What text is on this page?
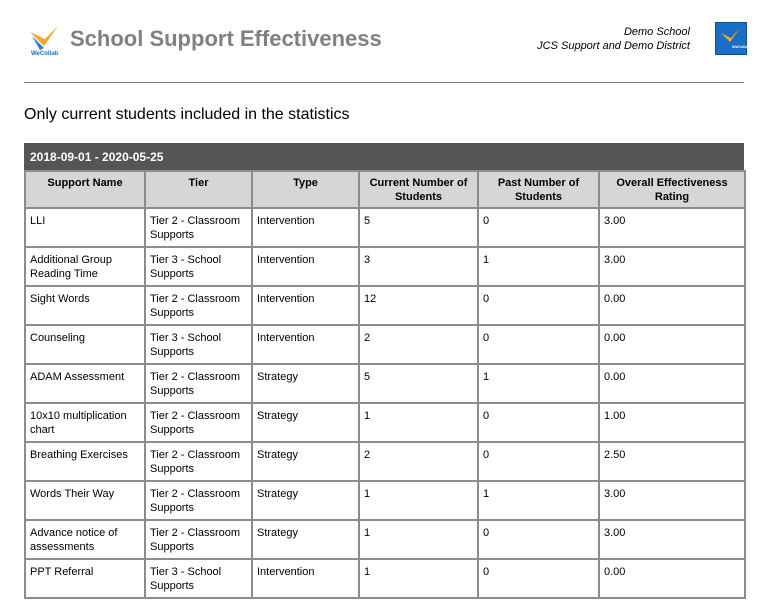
WeCollab
School Support Effectiveness	Demo School
JCS Support and Demo District	WeCollab
Only current students included in the statistics
2018-09-01 - 2020-05-25
Support Name	Tier	Type	Current Number of Students	Past Number of Students	Overall Effectiveness Rating
LLI	Tier 2 - Classroom Supports	Intervention	5	0	3.00
Additional Group Reading Time	Tier 3 - School Supports	Intervention	3	1	3.00
Sight Words	Tier 2 - Classroom Supports	Intervention	12	0	0.00
Counseling	Tier 3 - School Supports	Intervention	2	0	0.00
ADAM Assessment	Tier 2 - Classroom Supports	Strategy	5	1	0.00
10x10 multiplication chart	Tier 2 - Classroom Supports	Strategy	1	0	1.00
Breathing Exercises	Tier 2 - Classroom Supports	Strategy	2	0	2.50
Words Their Way	Tier 2 - Classroom Supports	Strategy	1	1	3.00
Advance notice of assessments	Tier 2 - Classroom Supports	Strategy	1	0	3.00
PPT Referral	Tier 3 - School Supports	Intervention	1	0	0.00
